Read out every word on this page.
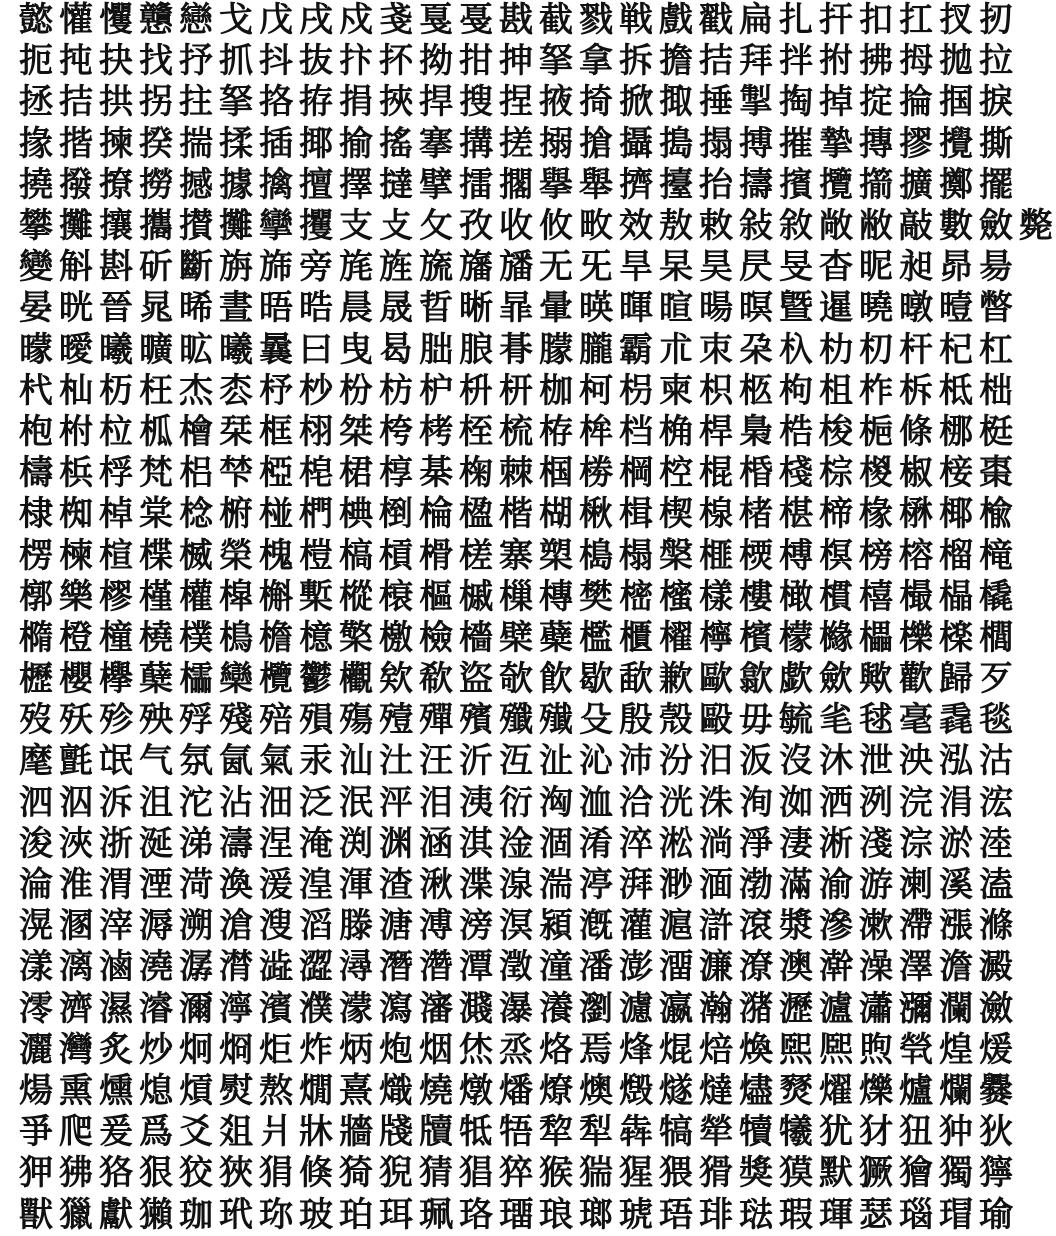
懿 懽 戄 戇 戀 戈 戊 戌 戍 戔 戛 戞 戡 截 戮 戦 戲 戳 扁 扎 扞 扣 扛 扠 扨
扼 扽 抉 找 抒 抓 抖 抜 抃 抔 拗 拑 抻 拏 拿 拆 擔 拮 拜 拌 拊 拂 拇 拋 拉
拯 拮 拱 拐 拄 拏 挌 拵 捐 挾 捍 搜 捏 掖 掎 掀 掫 捶 掣 掏 掉 掟 掄 掴 捩
掾 揩 揀 揆 揣 揉 插 揶 揄 搖 搴 搆 搓 搦 搶 攝 搗 搨 搏 摧 摯 摶 摎 攪 撕
撓 撥 撩 撈 撼 據 擒 擅 擇 撻 擘 擂 擱 擧 舉 擠 擡 抬 擣 擯 攬 擶 擴 擲 擺
攀 攤 攘 攜 攅 攤 攣 攫 支 攴 攵 孜 收 攸 畋 效 敖 敕 敍 敘 敞 敝 敲 數 斂 斃
變 斛 斟 斫 斷 旃 旆 旁 旄 旌 旒 旛 旙 无 旡 旱 杲 昊 昃 旻 杳 昵 昶 昴 昜
晏 晄 晉 晁 晞 晝 晤 晧 晨 晟 晢 晰 暃 暈 暎 暉 暄 暘 暝 曁 暹 曉 暾 曀 暼
曚 曖 曦 曠 昿 曦 曩 曰 曳 曷 朏 朖 朞 朦 朧 霸 朮 朿 朶 杁 朸 朷 杆 杞 杠
杙 杣 杤 枉 杰 枩 杼 杪 枌 枋 枦 枡 枅 枷 柯 枴 柬 枳 柩 枸 柤 柞 柝 柢 柮
枹 柎 柆 柧 檜 栞 框 栩 桀 桍 栲 桎 梳 栫 桙 档 桷 桿 梟 梏 梭 梔 條 梛 梃
檮 梹 桴 梵 梠 梺 椏 梍 桾 椁 棊 椈 棘 椢 椦 棡 椌 棍 棔 棧 棕 椶 椒 椄 棗
棣 椥 棹 棠 棯 椨 椪 椚 椣 椡 棆 楹 楷 楜 楸 楫 楔 楾 楮 椹 楴 椽 楙 椰 楡
楞 楝 楦 楪 楲 榮 槐 榿 槁 槓 榾 槎 寨 槊 槝 榻 槃 榧 樮 榑 榠 榜 榕 榴 槞
槨 樂 樛 槿 權 槹 槲 槧 樅 榱 樞 槭 樔 槫 樊 樒 櫁 樣 樓 橄 樌 橲 樶 橸 橇
橢 橙 橦 橈 樸 樢 檐 檍 檠 檄 檢 檣 檗 蘗 檻 櫃 櫂 檸 檳 檬 櫞 櫑 櫟 檪 櫚
櫪 櫻 欅 蘖 櫺 欒 欖 鬱 欟 欸 欷 盜 欹 飮 歇 歃 歉 歐 歙 歔 歛 歟 歡 歸 歹
歿 殀 殄 殃 殍 殘 殕 殞 殤 殪 殫 殯 殲 殱 殳 殷 殼 毆 毋 毓 毟 毬 毫 毳 毯
麾 氈 氓 气 氛 氤 氣 汞 汕 汢 汪 沂 沍 沚 沁 沛 汾 汨 汳 沒 沐 泄 泱 泓 沽
泗 泅 泝 沮 沱 沾 沺 泛 泯 泙 泪 洟 衍 洶 洫 洽 洸 洙 洵 洳 洒 洌 浣 涓 浤
浚 浹 浙 涎 涕 濤 涅 淹 渕 渊 涵 淇 淦 涸 淆 淬 淞 淌 淨 淒 淅 淺 淙 淤 淕
淪 淮 渭 湮 渮 渙 湲 湟 渾 渣 湫 渫 湶 湍 渟 湃 渺 湎 渤 滿 渝 游 溂 溪 溘
滉 溷 滓 溽 溯 滄 溲 滔 滕 溏 溥 滂 溟 潁 漑 灌 滬 滸 滾 漿 滲 漱 滯 漲 滌
漾 漓 滷 澆 潺 潸 澁 澀 潯 潛 濳 潭 澂 潼 潘 澎 澑 濂 潦 澳 澣 澡 澤 澹 澱
澪 濟 濕 濬 濔 濘 濱 濮 濛 瀉 瀋 濺 瀑 瀁 瀏 濾 瀛 瀚 潴 瀝 瀘 瀟 瀰 瀾 瀲
灑 灣 炙 炒 炯 烱 炬 炸 炳 炮 烟 烋 烝 烙 焉 烽 焜 焙 煥 煕 熈 煦 煢 煌 煖
煬 熏 燻 熄 熕 熨 熬 燗 熹 熾 燒 燉 燔 燎 燠 燬 燧 燵 燼 燹 燿 爍 爐 爛 爨
爭 爬 爰 爲 爻 爼 爿 牀 牆 牋 牘 牴 牾 犂 犁 犇 犒 犖 犢 犧 犹 犲 狃 狆 狄
狎 狒 狢 狠 狡 狹 狷 倏 猗 猊 猜 猖 猝 猴 猯 猩 猥 猾 獎 獏 默 獗 獪 獨 獰
獸 獵 獻 獺 珈 玳 珎 玻 珀 珥 珮 珞 璢 琅 瑯 琥 珸 琲 琺 瑕 琿 瑟 瑙 瑁 瑜
